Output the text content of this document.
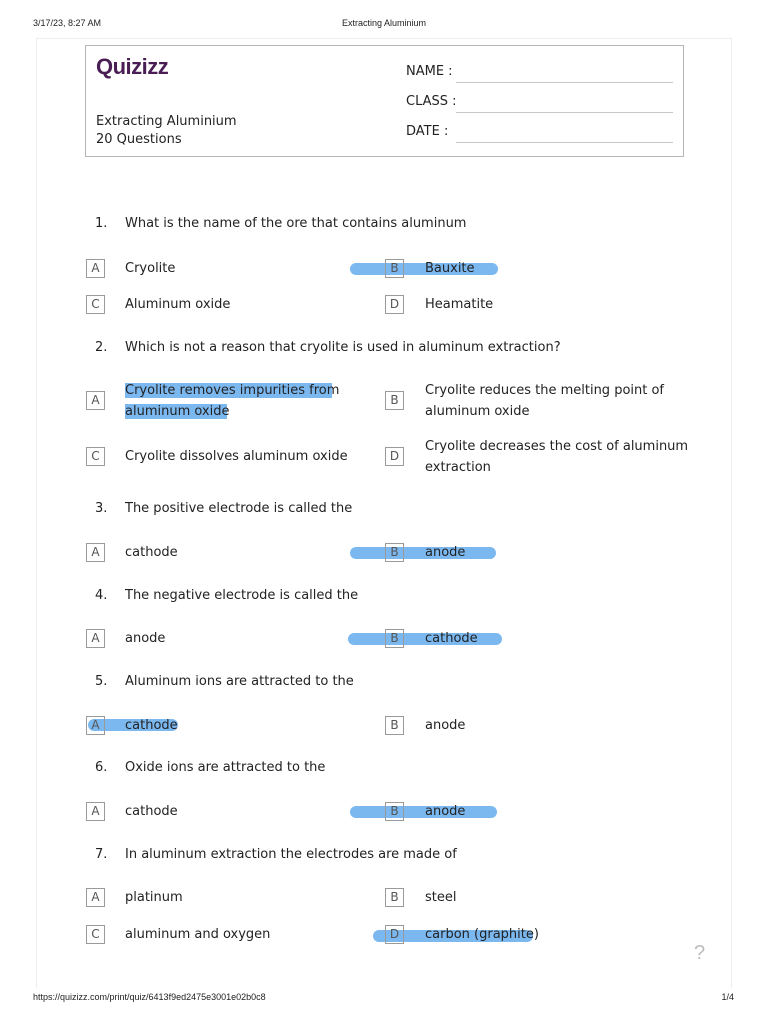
3/17/23, 8:27 AM	Extracting Aluminium
Quizizz
Extracting Aluminium
20 Questions
NAME :
CLASS :
DATE :
1. What is the name of the ore that contains aluminum
A	Cryolite	B	Bauxite
C	Aluminum oxide	D	Heamatite
2. Which is not a reason that cryolite is used in aluminum extraction?
A
Cryolite removes impurities from
aluminum oxide
B
Cryolite reduces the melting point of
aluminum oxide
C	Cryolite dissolves aluminum oxide	D
Cryolite decreases the cost of aluminum
extraction
3. The positive electrode is called the
A	cathode	B	anode
4. The negative electrode is called the
A	anode	B	cathode
5. Aluminum ions are attracted to the
A	cathode	B	anode
6. Oxide ions are attracted to the
A	cathode	B	anode
7. In aluminum extraction the electrodes are made of
A	platinum	B	steel
C	aluminum and oxygen	D	carbon (graphite)
?
https://quizizz.com/print/quiz/6413f9ed2475e3001e02b0c8	1/4
